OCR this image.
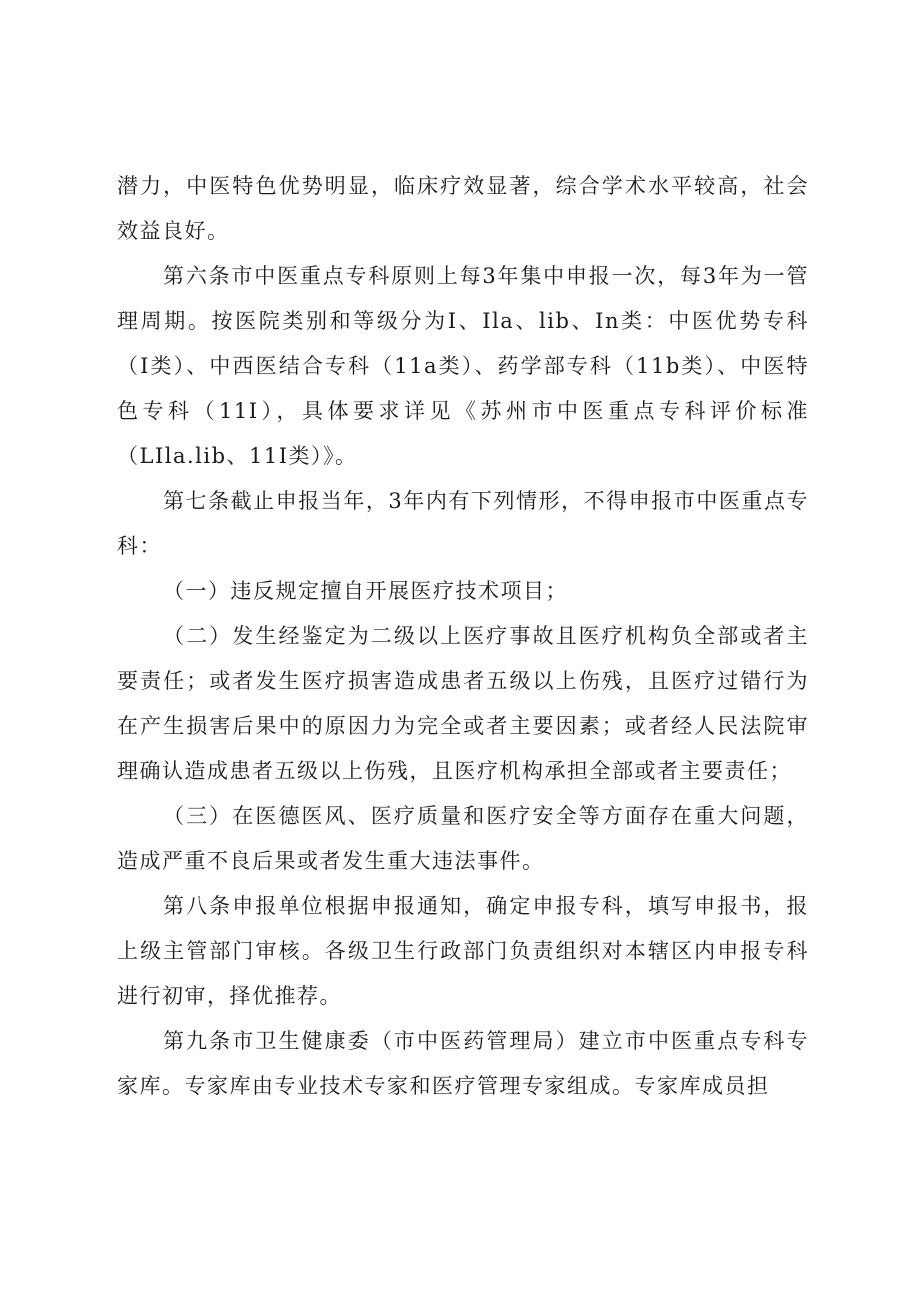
潜力，中医特色优势明显，临床疗效显著，综合学术水平较高，社会效益良好。

第六条市中医重点专科原则上每3年集中申报一次，每3年为一管理周期。按医院类别和等级分为I、Ila、lib、In类：中医优势专科（I类）、中西医结合专科（11a类）、药学部专科（11b类）、中医特色专科（11I），具体要求详见《苏州市中医重点专科评价标准（LIla.lib、11I类）》。

第七条截止申报当年，3年内有下列情形，不得申报市中医重点专科：

（一）违反规定擅自开展医疗技术项目；

（二）发生经鉴定为二级以上医疗事故且医疗机构负全部或者主要责任；或者发生医疗损害造成患者五级以上伤残，且医疗过错行为在产生损害后果中的原因力为完全或者主要因素；或者经人民法院审理确认造成患者五级以上伤残，且医疗机构承担全部或者主要责任；

（三）在医德医风、医疗质量和医疗安全等方面存在重大问题，造成严重不良后果或者发生重大违法事件。

第八条申报单位根据申报通知，确定申报专科，填写申报书，报上级主管部门审核。各级卫生行政部门负责组织对本辖区内申报专科进行初审，择优推荐。

第九条市卫生健康委（市中医药管理局）建立市中医重点专科专家库。专家库由专业技术专家和医疗管理专家组成。专家库成员担
